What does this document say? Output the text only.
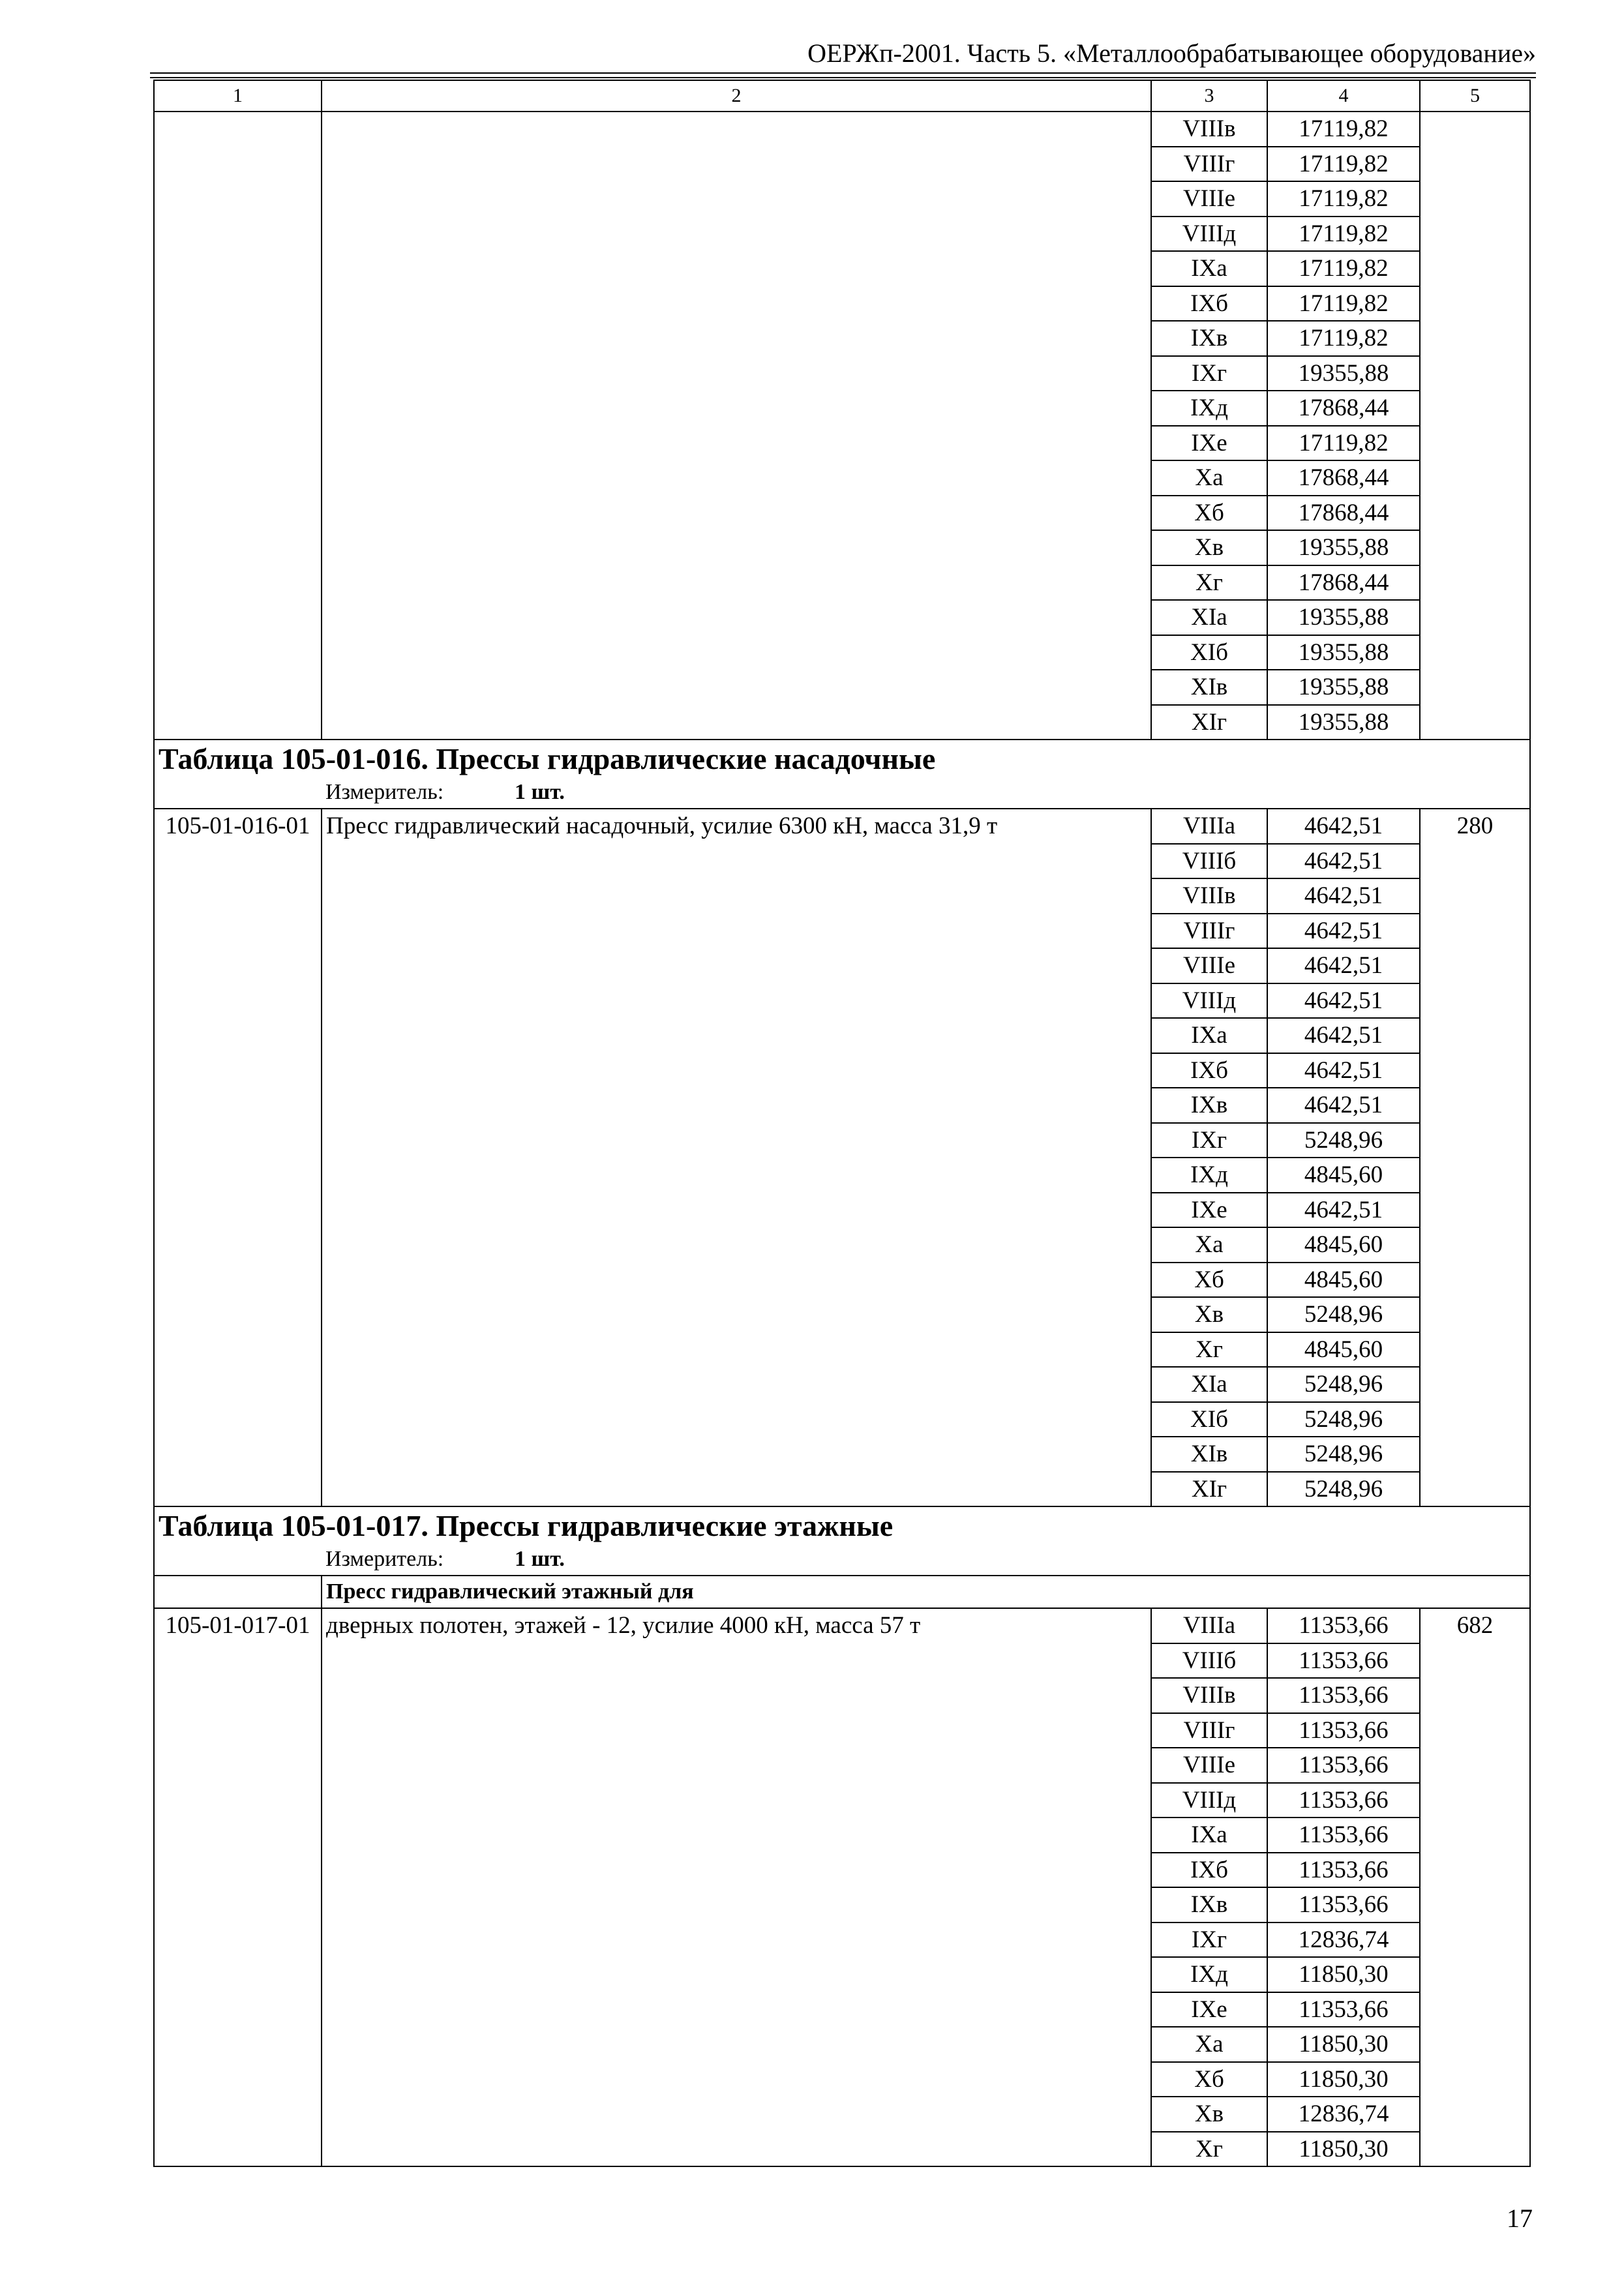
ОЕРЖп-2001. Часть 5. «Металлообрабатывающее оборудование»
1	2	3	4	5
		VIIIв	17119,82	
		VIIIг	17119,82	
		VIIIе	17119,82	
		VIIIд	17119,82	
		IXа	17119,82	
		IXб	17119,82	
		IXв	17119,82	
		IXг	19355,88	
		IXд	17868,44	
		IXе	17119,82	
		Xа	17868,44	
		Xб	17868,44	
		Xв	19355,88	
		Xг	17868,44	
		XIа	19355,88	
		XIб	19355,88	
		XIв	19355,88	
		XIг	19355,88	
Таблица 105-01-016. Прессы гидравлические насадочные				
Измеритель: 1 шт.				
105-01-016-01	Пресс гидравлический насадочный, усилие 6300 кН, масса 31,9 т	VIIIа	4642,51	280
		VIIIб	4642,51	
		VIIIв	4642,51	
		VIIIг	4642,51	
		VIIIе	4642,51	
		VIIIд	4642,51	
		IXа	4642,51	
		IXб	4642,51	
		IXв	4642,51	
		IXг	5248,96	
		IXд	4845,60	
		IXе	4642,51	
		Xа	4845,60	
		Xб	4845,60	
		Xв	5248,96	
		Xг	4845,60	
		XIа	5248,96	
		XIб	5248,96	
		XIв	5248,96	
		XIг	5248,96	
Таблица 105-01-017. Прессы гидравлические этажные				
Измеритель: 1 шт.				
	Пресс гидравлический этажный для			
105-01-017-01	дверных полотен, этажей - 12, усилие 4000 кН, масса 57 т	VIIIа	11353,66	682
		VIIIб	11353,66	
		VIIIв	11353,66	
		VIIIг	11353,66	
		VIIIе	11353,66	
		VIIIд	11353,66	
		IXа	11353,66	
		IXб	11353,66	
		IXв	11353,66	
		IXг	12836,74	
		IXд	11850,30	
		IXе	11353,66	
		Xа	11850,30	
		Xб	11850,30	
		Xв	12836,74	
		Xг	11850,30	
17
